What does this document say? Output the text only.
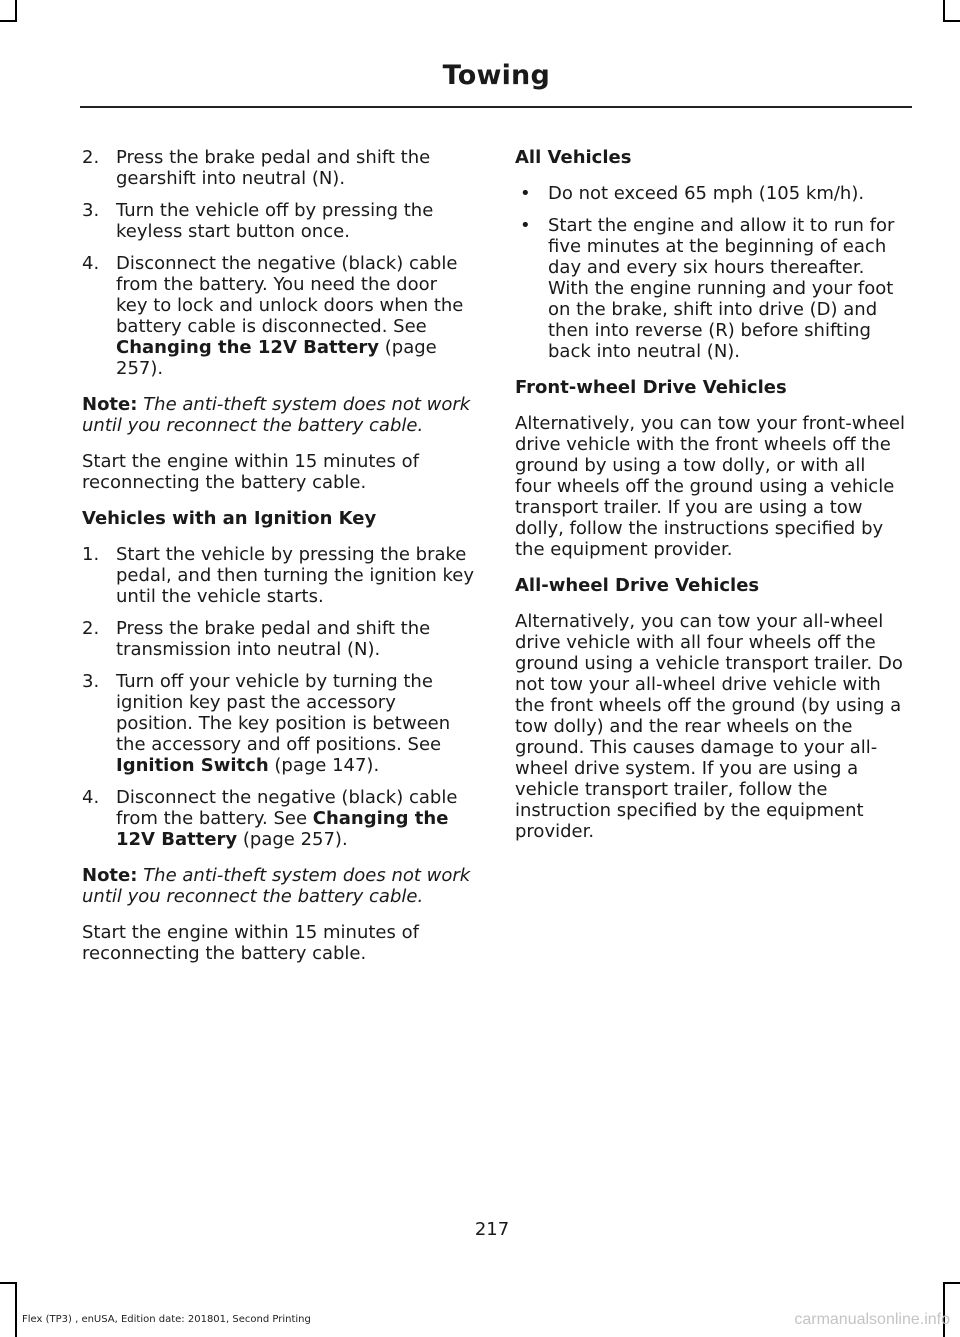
Towing
2. Press the brake pedal and shift the gearshift into neutral (N).
3. Turn the vehicle off by pressing the keyless start button once.
4. Disconnect the negative (black) cable from the battery. You need the door key to lock and unlock doors when the battery cable is disconnected. See Changing the 12V Battery (page 257).

Note: The anti-theft system does not work until you reconnect the battery cable.

Start the engine within 15 minutes of reconnecting the battery cable.

Vehicles with an Ignition Key

1. Start the vehicle by pressing the brake pedal, and then turning the ignition key until the vehicle starts.
2. Press the brake pedal and shift the transmission into neutral (N).
3. Turn off your vehicle by turning the ignition key past the accessory position. The key position is between the accessory and off positions. See Ignition Switch (page 147).
4. Disconnect the negative (black) cable from the battery. See Changing the 12V Battery (page 257).

Note: The anti-theft system does not work until you reconnect the battery cable.

Start the engine within 15 minutes of reconnecting the battery cable.

All Vehicles

• Do not exceed 65 mph (105 km/h).
• Start the engine and allow it to run for five minutes at the beginning of each day and every six hours thereafter. With the engine running and your foot on the brake, shift into drive (D) and then into reverse (R) before shifting back into neutral (N).

Front-wheel Drive Vehicles

Alternatively, you can tow your front-wheel drive vehicle with the front wheels off the ground by using a tow dolly, or with all four wheels off the ground using a vehicle transport trailer. If you are using a tow dolly, follow the instructions specified by the equipment provider.

All-wheel Drive Vehicles

Alternatively, you can tow your all-wheel drive vehicle with all four wheels off the ground using a vehicle transport trailer. Do not tow your all-wheel drive vehicle with the front wheels off the ground (by using a tow dolly) and the rear wheels on the ground. This causes damage to your all-wheel drive system. If you are using a vehicle transport trailer, follow the instruction specified by the equipment provider.

217
Flex (TP3) , enUSA, Edition date: 201801, Second Printing	carmanualsonline.info
